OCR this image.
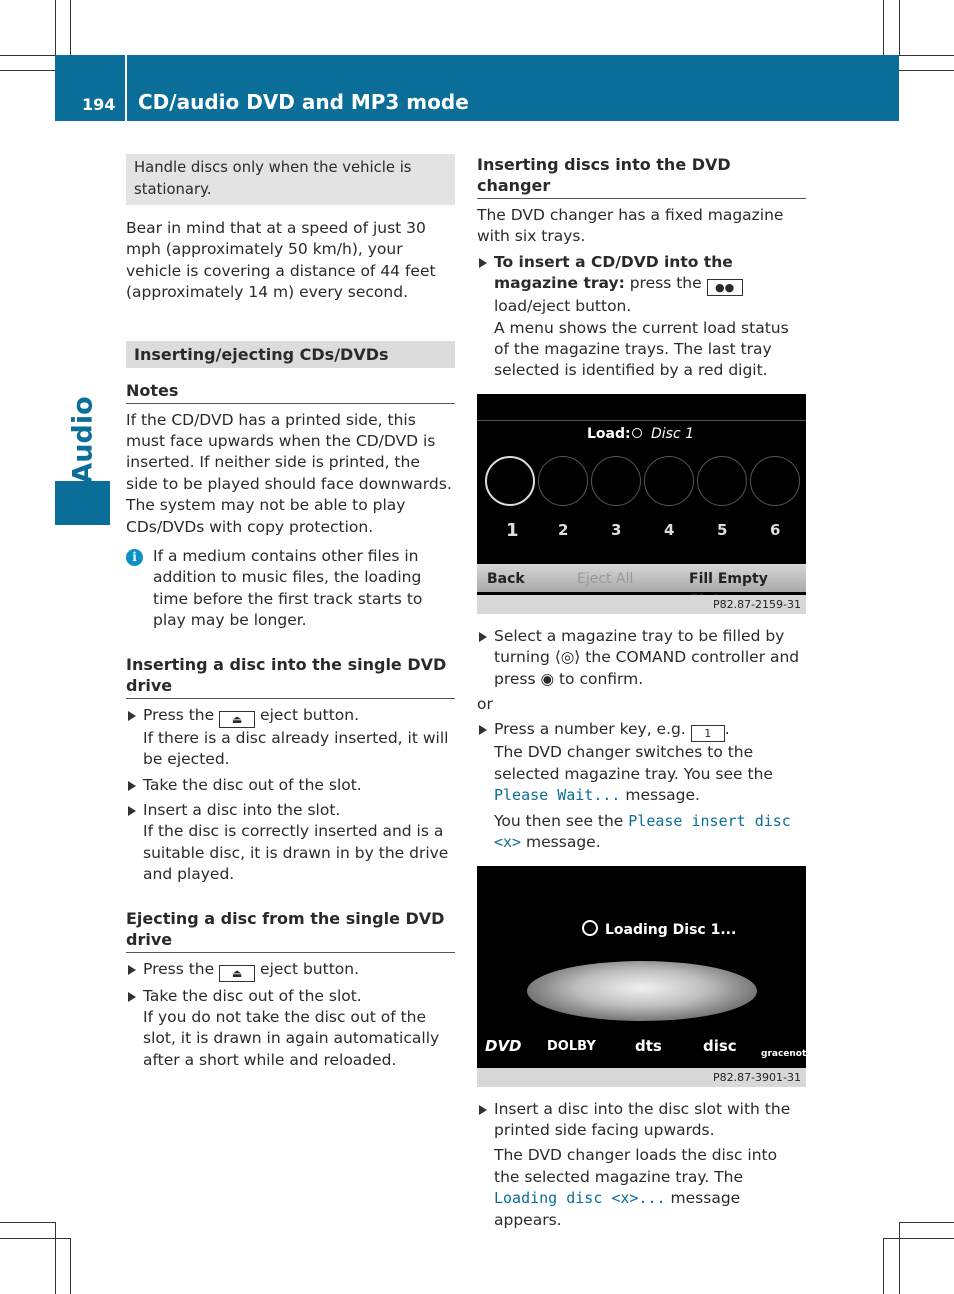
194 CD/audio DVD and MP3 mode
Audio
Handle discs only when the vehicle is stationary.
Bear in mind that at a speed of just 30 mph (approximately 50 km/h), your vehicle is covering a distance of 44 feet (approximately 14 m) every second.
Inserting/ejecting CDs/DVDs
Notes
If the CD/DVD has a printed side, this must face upwards when the CD/DVD is inserted. If neither side is printed, the side to be played should face downwards. The system may not be able to play CDs/DVDs with copy protection.
i	If a medium contains other files in addition to music files, the loading time before the first track starts to play may be longer.
Inserting a disc into the single DVD drive
Press the ⏏ eject button.
If there is a disc already inserted, it will be ejected.
Take the disc out of the slot.
Insert a disc into the slot.
If the disc is correctly inserted and is a suitable disc, it is drawn in by the drive and played.
Ejecting a disc from the single DVD drive
Press the ⏏ eject button.
Take the disc out of the slot.
If you do not take the disc out of the slot, it is drawn in again automatically after a short while and reloaded.
Inserting discs into the DVD changer
The DVD changer has a fixed magazine with six trays.
To insert a CD/DVD into the magazine tray: press the ●● load/eject button.
A menu shows the current load status of the magazine trays. The last tray selected is identified by a red digit.
Load: Disc 1
1	2	3	4	5	6
Back	Eject All	Fill Empty
P82.87-2159-31
Select a magazine tray to be filled by turning ⟨◎⟩ the COMAND controller and press ◉ to confirm.
or
Press a number key, e.g. 1 .
The DVD changer switches to the selected magazine tray. You see the Please Wait... message.
You then see the Please insert disc <x> message.
Loading Disc 1...
DVD DOLBY	dts	disc	gracenote
P82.87-3901-31
Insert a disc into the disc slot with the printed side facing upwards.
The DVD changer loads the disc into the selected magazine tray. The Loading disc <x>... message appears.
